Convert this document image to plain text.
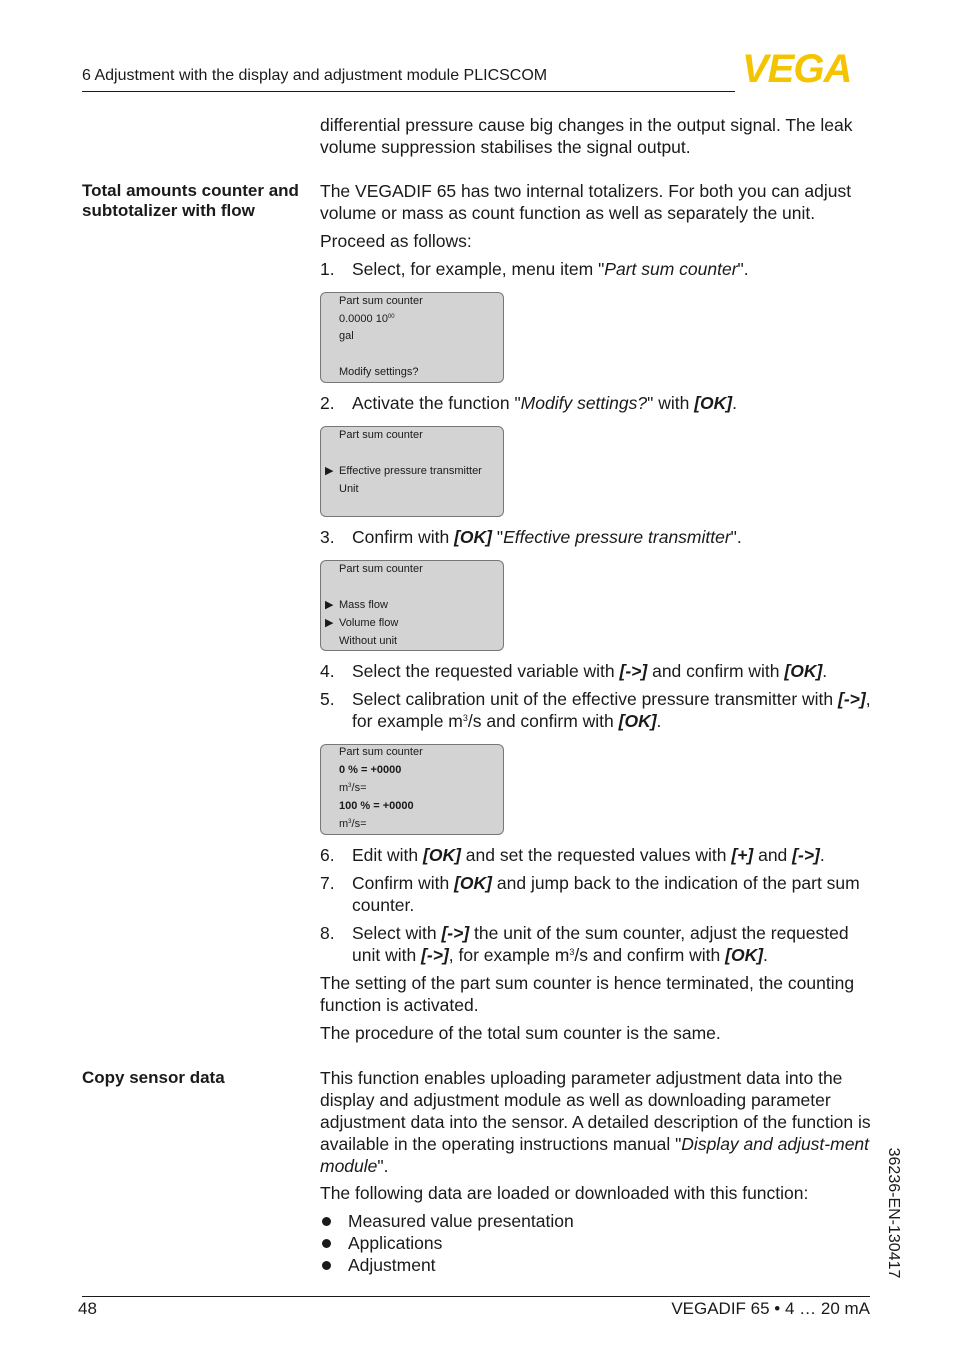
6 Adjustment with the display and adjustment module PLICSCOM	VEGA

differential pressure cause big changes in the output signal. The leak volume suppression stabilises the signal output.

Total amounts counter and subtotalizer with flow

The VEGADIF 65 has two internal totalizers. For both you can adjust volume or mass as count function as well as separately the unit.

Proceed as follows:

1. Select, for example, menu item "Part sum counter".
Part sum counter
0.0000 $10^{00}$
gal
Modify settings?
2. Activate the function "Modify settings?" with [OK].
Part sum counter
▶ Effective pressure transmitter
Unit
3. Confirm with [OK] "Effective pressure transmitter".
Part sum counter
▶ Mass flow
▶ Volume flow
Without unit
4. Select the requested variable with [->] and confirm with [OK].
5. Select calibration unit of the effective pressure transmitter with [->], for example $m^3/s$ and confirm with [OK].
Part sum counter
0 % = +0000
$m^3/s=$
100 % = +0000
$m^3/s=$
6. Edit with [OK] and set the requested values with [+] and [->].
7. Confirm with [OK] and jump back to the indication of the part sum counter.
8. Select with [->] the unit of the sum counter, adjust the requested unit with [->], for example $m^3/s$ and confirm with [OK].

The setting of the part sum counter is hence terminated, the counting function is activated.

The procedure of the total sum counter is the same.

Copy sensor data	This function enables uploading parameter adjustment data into the display and adjustment module as well as downloading parameter adjustment data into the sensor. A detailed description of the function is available in the operating instructions manual "Display and adjust-ment module".

The following data are loaded or downloaded with this function:

Measured value presentation
Applications
Adjustment	36236-EN-130417
48	VEGADIF 65 • 4 … 20 mA
